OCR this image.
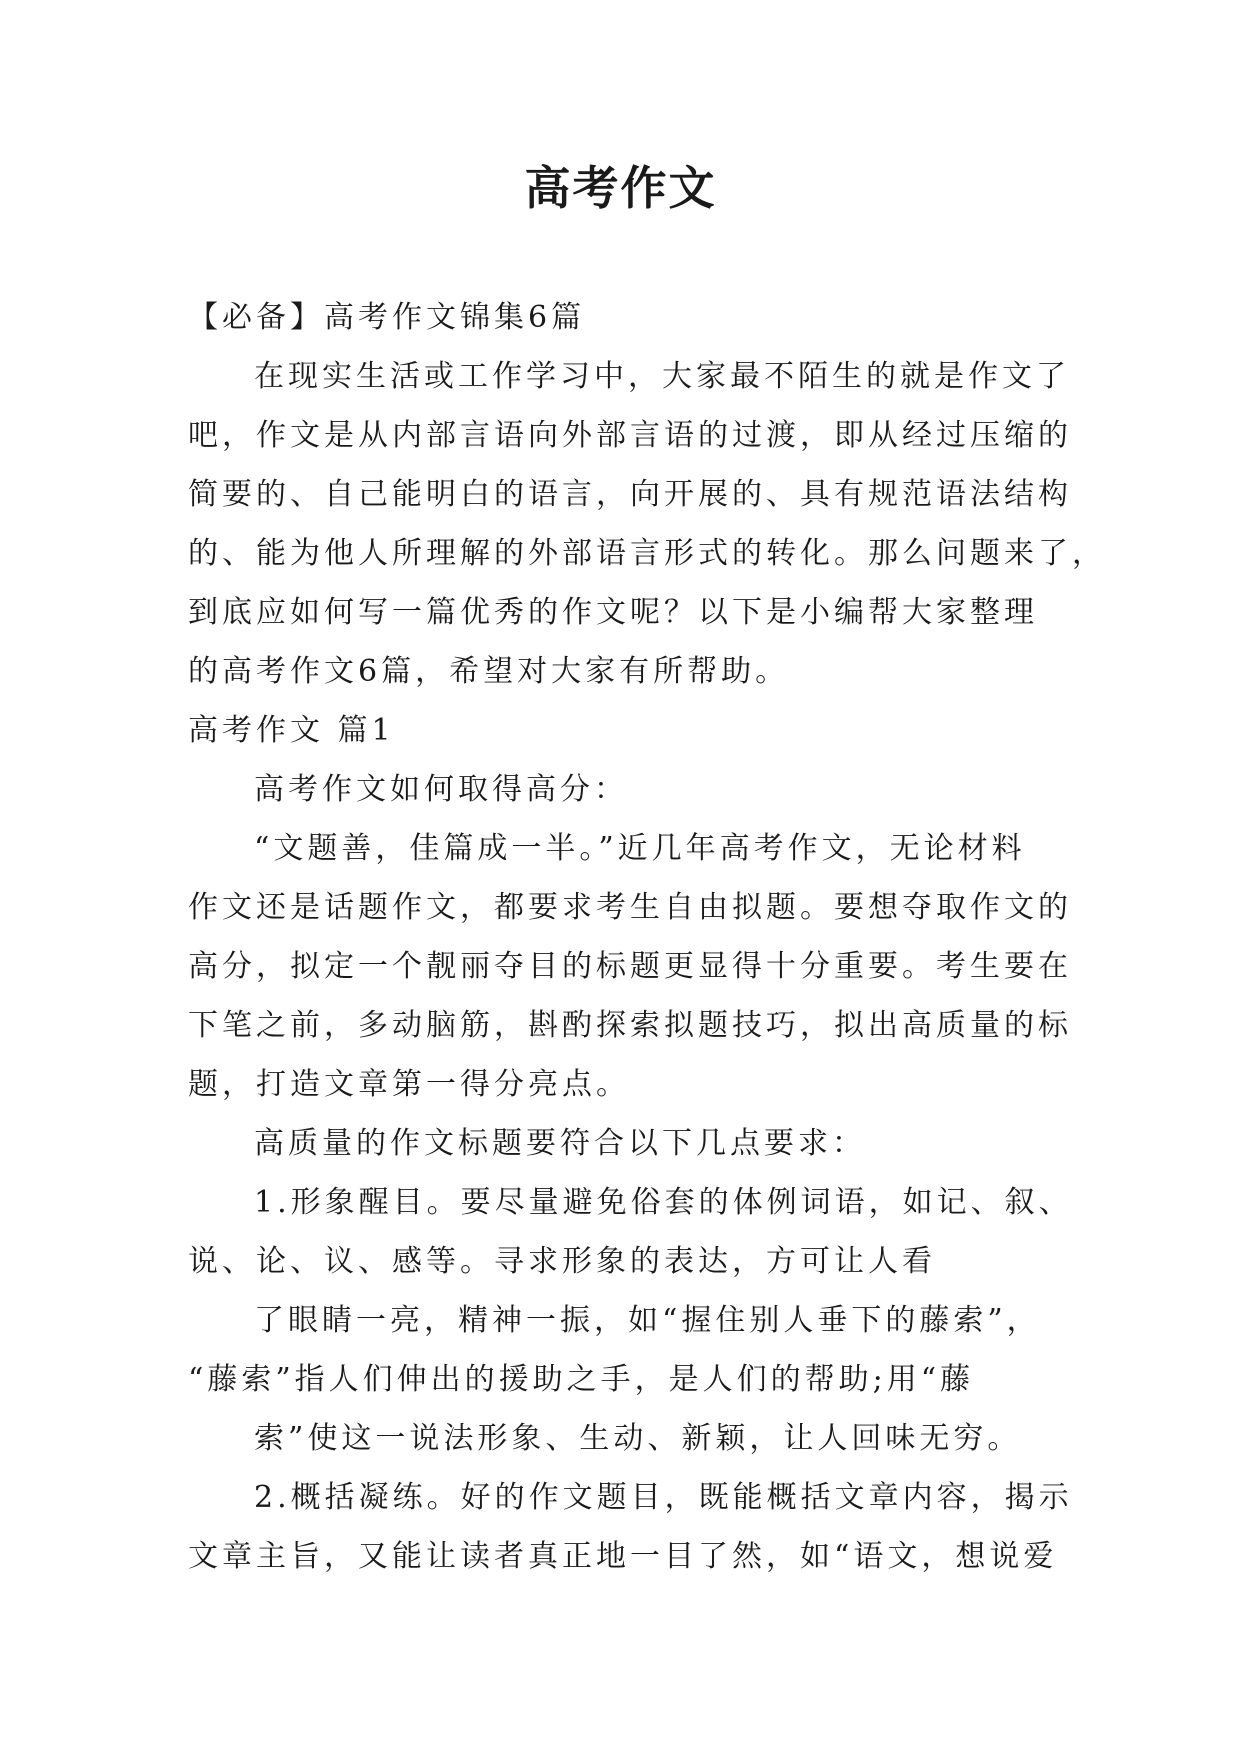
高考作文
【必备】高考作文锦集6篇
在现实生活或工作学习中，大家最不陌生的就是作文了
吧，作文是从内部言语向外部言语的过渡，即从经过压缩的
简要的、自己能明白的语言，向开展的、具有规范语法结构
的、能为他人所理解的外部语言形式的转化。那么问题来了，
到底应如何写一篇优秀的作文呢？以下是小编帮大家整理
的高考作文6篇，希望对大家有所帮助。
高考作文 篇1
高考作文如何取得高分：
“文题善，佳篇成一半。”近几年高考作文，无论材料
作文还是话题作文，都要求考生自由拟题。要想夺取作文的
高分，拟定一个靓丽夺目的标题更显得十分重要。考生要在
下笔之前，多动脑筋，斟酌探索拟题技巧，拟出高质量的标
题，打造文章第一得分亮点。
高质量的作文标题要符合以下几点要求：
1.形象醒目。要尽量避免俗套的体例词语，如记、叙、
说、论、议、感等。寻求形象的表达，方可让人看
了眼睛一亮，精神一振，如“握住别人垂下的藤索”，
“藤索”指人们伸出的援助之手，是人们的帮助;用“藤
索”使这一说法形象、生动、新颖，让人回味无穷。
2.概括凝练。好的作文题目，既能概括文章内容，揭示
文章主旨，又能让读者真正地一目了然，如“语文，想说爱
